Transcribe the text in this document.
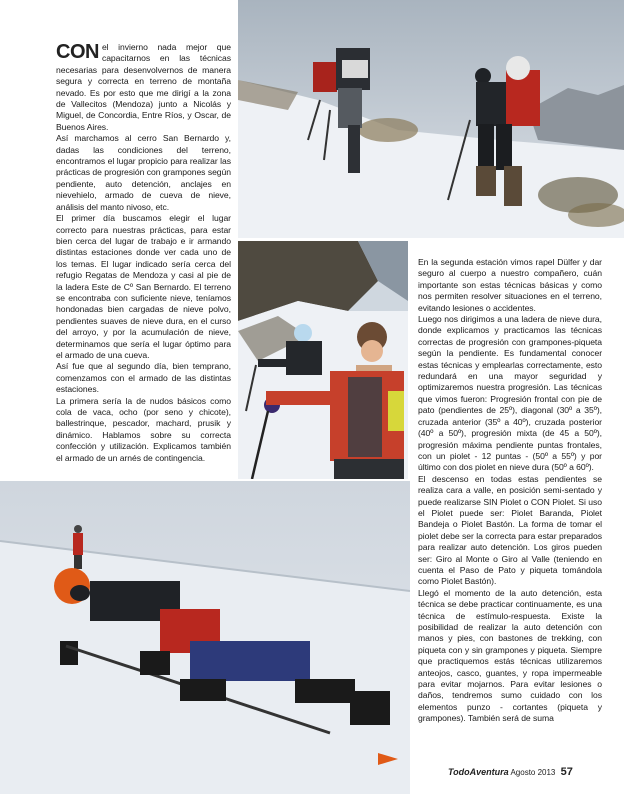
CON el invierno nada mejor que capacitarnos en las técnicas necesarias para desenvolvernos de manera segura y correcta en terreno de montaña nevado. Es por esto que me dirigí a la zona de Vallecitos (Mendoza) junto a Nicolás y Miguel, de Concordia, Entre Ríos, y Oscar, de Buenos Aires.

Así marchamos al cerro San Bernardo y, dadas las condiciones del terreno, encontramos el lugar propicio para realizar las prácticas de progresión con grampones según pendiente, auto detención, anclajes en nievehielo, armado de cueva de nieve, análisis del manto nivoso, etc.

El primer día buscamos elegir el lugar correcto para nuestras prácticas, para estar bien cerca del lugar de trabajo e ir armando distintas estaciones donde ver cada uno de los temas. El lugar indicado sería cerca del refugio Regatas de Mendoza y casi al pie de la ladera Este de Cº San Bernardo. El terreno se encontraba con suficiente nieve, teníamos hondonadas bien cargadas de nieve polvo, pendientes suaves de nieve dura, en el curso del arroyo, y por la acumulación de nieve, determinamos que sería el lugar óptimo para el armado de una cueva.

Así fue que al segundo día, bien temprano, comenzamos con el armado de las distintas estaciones.

La primera sería la de nudos básicos como cola de vaca, ocho (por seno y chicote), ballestrinque, pescador, machard, prusik y dinámico. Hablamos sobre su correcta confección y utilización. Explicamos también el armado de un arnés de contingencia.

En la segunda estación vimos rapel Dülfer y dar seguro al cuerpo a nuestro compañero, cuán importante son estas técnicas básicas y como nos permiten resolver situaciones en el terreno, evitando lesiones o accidentes.

Luego nos dirigimos a una ladera de nieve dura, donde explicamos y practicamos las técnicas correctas de progresión con grampones-piqueta según la pendiente. Es fundamental conocer estas técnicas y emplearlas correctamente, esto redundará en una mayor seguridad y optimizaremos nuestra progresión. Las técnicas que vimos fueron: Progresión frontal con pie de pato (pendientes de 25º), diagonal (30º a 35º), cruzada anterior (35º a 40º), cruzada posterior (40º a 50º), progresión mixta (de 45 a 50º), progresión máxima pendiente puntas frontales, con un piolet - 12 puntas - (50º a 55º) y por último con dos piolet en nieve dura (50º a 60º).

El descenso en todas estas pendientes se realiza cara a valle, en posición semi-sentado y puede realizarse SIN Piolet o CON Piolet. Si uso el Piolet puede ser: Piolet Baranda, Piolet Bandeja o Piolet Bastón. La forma de tomar el piolet debe ser la correcta para estar preparados para realizar auto detención. Los giros pueden ser: Giro al Monte o Giro al Valle (teniendo en cuenta el Paso de Pato y piqueta tomándola como Piolet Bastón).

Llegó el momento de la auto detención, esta técnica se debe practicar continuamente, es una técnica de estímulo-respuesta. Existe la posibilidad de realizar la auto detención con manos y pies, con bastones de trekking, con piqueta con y sin grampones y piqueta. Siempre que practiquemos estás técnicas utilizaremos anteojos, casco, guantes, y ropa impermeable para evitar mojarnos. Para evitar lesiones o daños, tendremos sumo cuidado con los elementos punzo - cortantes (piqueta y grampones). También será de suma

TodoAventura Agosto 2013 57
